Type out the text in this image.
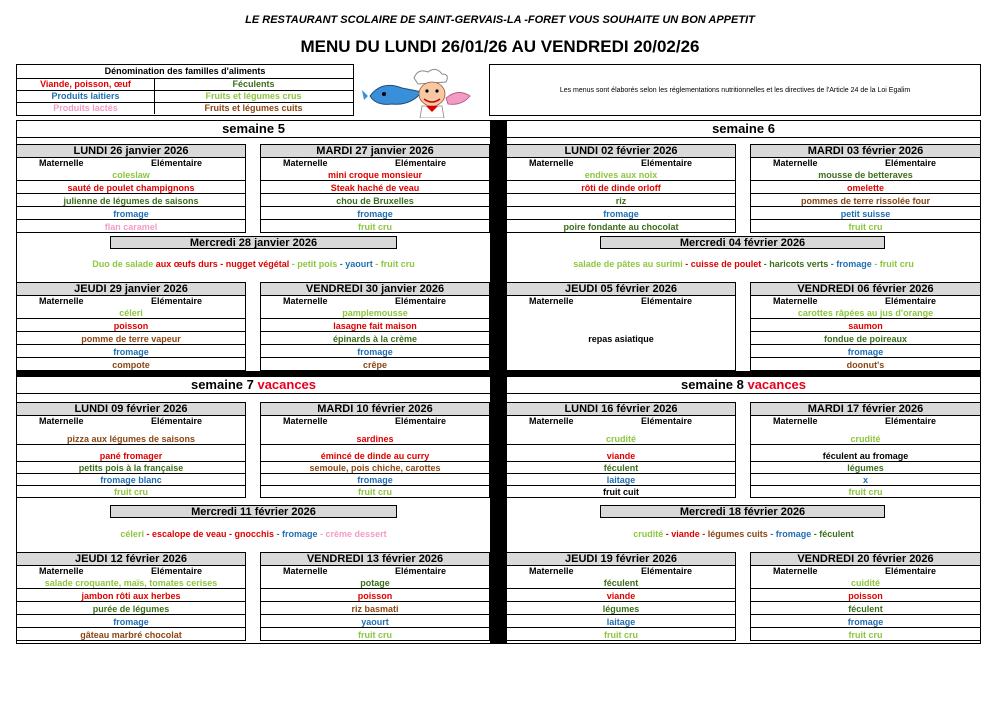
LE RESTAURANT SCOLAIRE DE SAINT-GERVAIS-LA -FORET VOUS SOUHAITE UN BON APPETIT
MENU DU LUNDI 26/01/26 AU VENDREDI 20/02/26
Dénomination des familles d'aliments
Viande, poisson, œuf	Féculents
Produits laitiers	Fruits et légumes crus
Produits lactés	Fruits et légumes cuits
Les menus sont élaborés selon les réglementations nutritionnelles et les directives de l'Article 24 de la Loi Egalim
semaine 5	semaine 6
semaine 7 vacances	semaine 8 vacances
LUNDI 26 janvier 2026
Maternelle	Elémentaire
coleslaw
sauté de poulet champignons
julienne de légumes de saisons
fromage
flan caramel
MARDI 27 janvier 2026
Maternelle	Elémentaire
mini croque monsieur
Steak haché de veau
chou de Bruxelles
fromage
fruit cru
LUNDI 02 février 2026
Maternelle	Elémentaire
endives aux noix
rôti de dinde orloff
riz
fromage
poire fondante au chocolat
MARDI 03 février 2026
Maternelle	Elémentaire
mousse de betteraves
omelette
pommes de terre rissolée four
petit suisse
fruit cru
JEUDI 29 janvier 2026
Maternelle	Elémentaire
céleri
poisson
pomme de terre vapeur
fromage
compote
VENDREDI 30 janvier 2026
Maternelle	Elémentaire
pamplemousse
lasagne fait maison
épinards à la crème
fromage
crêpe
JEUDI 05 février 2026
Maternelle	Elémentaire
repas asiatique
VENDREDI 06 février 2026
Maternelle	Elémentaire
carottes râpées au jus d'orange
saumon
fondue de poireaux
fromage
doonut's
LUNDI 09 février 2026
Maternelle	Elémentaire
pizza aux légumes de saisons
pané fromager
petits pois à la française
fromage blanc
fruit cru
MARDI 10 février 2026
Maternelle	Elémentaire
sardines
émincé de dinde au curry
semoule, pois chiche, carottes
fromage
fruit cru
LUNDI 16 février 2026
Maternelle	Elémentaire
crudité
viande
féculent
laitage
fruit cuit
MARDI 17 février 2026
Maternelle	Elémentaire
crudité
féculent au fromage
légumes
x
fruit cru
JEUDI 12 février 2026
Maternelle	Elémentaire
salade croquante, maïs, tomates cerises
jambon rôti aux herbes
purée de légumes
fromage
gâteau marbré chocolat
VENDREDI 13 février 2026
Maternelle	Elémentaire
potage
poisson
riz basmati
yaourt
fruit cru
JEUDI 19 février 2026
Maternelle	Elémentaire
féculent
viande
légumes
laitage
fruit cru
VENDREDI 20 février 2026
Maternelle	Elémentaire
cuidité
poisson
féculent
fromage
fruit cru
Mercredi 28 janvier 2026
Duo de salade aux œufs durs - nugget végétal - petit pois - yaourt - fruit cru
Mercredi 04 février 2026
salade de pâtes au surimi - cuisse de poulet - haricots verts - fromage - fruit cru
Mercredi 11 février 2026
céleri - escalope de veau - gnocchis - fromage - crème dessert
Mercredi 18 février 2026
crudité - viande - légumes cuits - fromage - féculent
